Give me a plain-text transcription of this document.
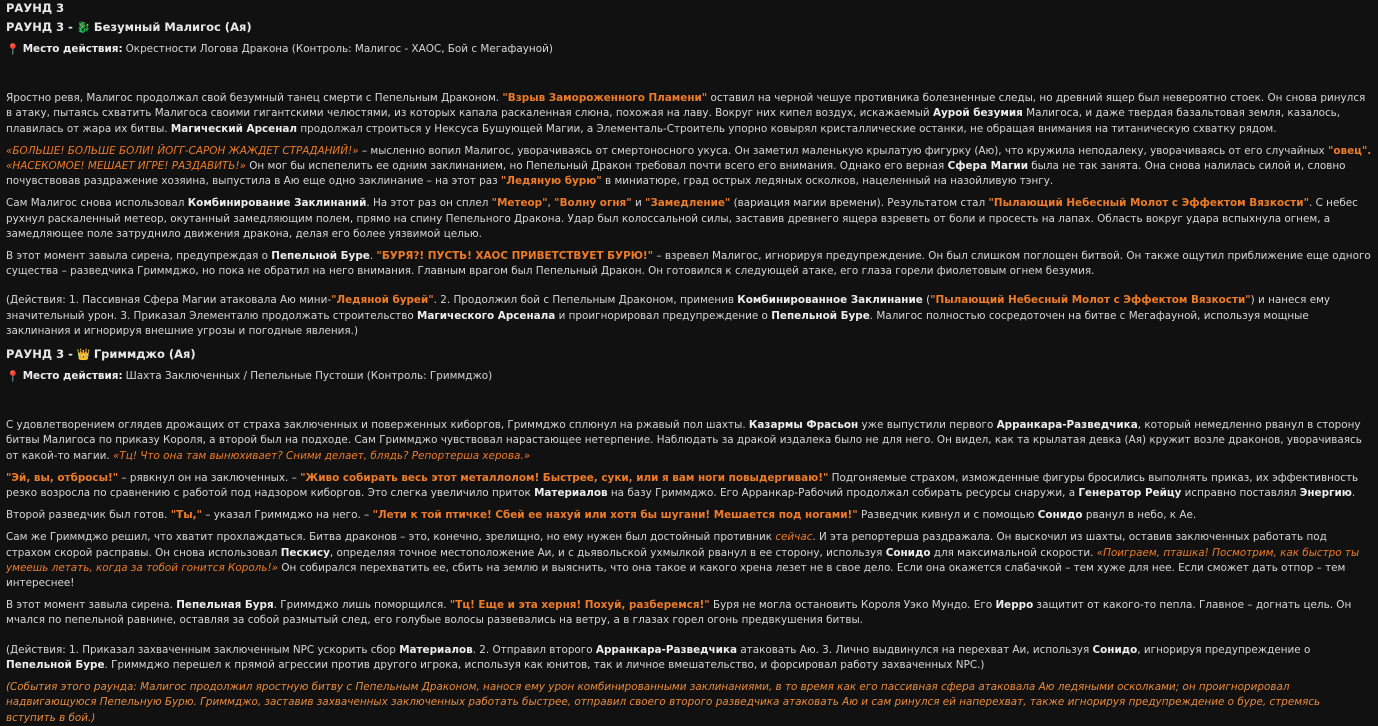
РАУНД 3
РАУНД 3 - 🐉 Безумный Малигос (Ая)

📍 Место действия: Окрестности Логова Дракона (Контроль: Малигос - ХАОС, Бой с Мегафауной)

Яростно ревя, Малигос продолжал свой безумный танец смерти с Пепельным Драконом. "Взрыв Замороженного Пламени" оставил на черной чешуе противника болезненные следы, но древний ящер был невероятно стоек. Он снова ринулся в атаку, пытаясь схватить Малигоса своими гигантскими челюстями, из которых капала раскаленная слюна, похожая на лаву. Вокруг них кипел воздух, искажаемый Аурой безумия Малигоса, и даже твердая базальтовая земля, казалось, плавилась от жара их битвы. Магический Арсенал продолжал строиться у Нексуса Бушующей Магии, а Элементаль-Строитель упорно ковырял кристаллические останки, не обращая внимания на титаническую схватку рядом.

«БОЛЬШЕ! БОЛЬШЕ БОЛИ! ЙОГГ-САРОН ЖАЖДЕТ СТРАДАНИЙ!» – мысленно вопил Малигос, уворачиваясь от смертоносного укуса. Он заметил маленькую крылатую фигурку (Аю), что кружила неподалеку, уворачиваясь от его случайных "овец". «НАСЕКОМОЕ! МЕШАЕТ ИГРЕ! РАЗДАВИТЬ!» Он мог бы испепелить ее одним заклинанием, но Пепельный Дракон требовал почти всего его внимания. Однако его верная Сфера Магии была не так занята. Она снова налилась силой и, словно почувствовав раздражение хозяина, выпустила в Аю еще одно заклинание – на этот раз "Ледяную бурю" в миниатюре, град острых ледяных осколков, нацеленный на назойливую тэнгу.

Сам Малигос снова использовал Комбинирование Заклинаний. На этот раз он сплел "Метеор", "Волну огня" и "Замедление" (вариация магии времени). Результатом стал "Пылающий Небесный Молот с Эффектом Вязкости". С небес рухнул раскаленный метеор, окутанный замедляющим полем, прямо на спину Пепельного Дракона. Удар был колоссальной силы, заставив древнего ящера взреветь от боли и просесть на лапах. Область вокруг удара вспыхнула огнем, а замедляющее поле затруднило движения дракона, делая его более уязвимой целью.

В этот момент завыла сирена, предупреждая о Пепельной Буре. "БУРЯ?! ПУСТЬ! ХАОС ПРИВЕТСТВУЕТ БУРЮ!" – взревел Малигос, игнорируя предупреждение. Он был слишком поглощен битвой. Он также ощутил приближение еще одного существа – разведчика Гриммджо, но пока не обратил на него внимания. Главным врагом был Пепельный Дракон. Он готовился к следующей атаке, его глаза горели фиолетовым огнем безумия.

(Действия: 1. Пассивная Сфера Магии атаковала Аю мини-"Ледяной бурей". 2. Продолжил бой с Пепельным Драконом, применив Комбинированное Заклинание ("Пылающий Небесный Молот с Эффектом Вязкости") и нанеся ему значительный урон. 3. Приказал Элементалю продолжать строительство Магического Арсенала и проигнорировал предупреждение о Пепельной Буре. Малигос полностью сосредоточен на битве с Мегафауной, используя мощные заклинания и игнорируя внешние угрозы и погодные явления.)

РАУНД 3 - 👑 Гриммджо (Ая)

📍 Место действия: Шахта Заключенных / Пепельные Пустоши (Контроль: Гриммджо)

С удовлетворением оглядев дрожащих от страха заключенных и поверженных киборгов, Гриммджо сплюнул на ржавый пол шахты. Казармы Фрасьон уже выпустили первого Арранкара-Разведчика, который немедленно рванул в сторону битвы Малигоса по приказу Короля, а второй был на подходе. Сам Гриммджо чувствовал нарастающее нетерпение. Наблюдать за дракой издалека было не для него. Он видел, как та крылатая девка (Ая) кружит возле драконов, уворачиваясь от какой-то магии. «Тц! Что она там вынюхивает? Сними делает, блядь? Репортерша херова.»

"Эй, вы, отбросы!" – рявкнул он на заключенных. – "Живо собирать весь этот металлолом! Быстрее, суки, или я вам ноги повыдергиваю!" Подгоняемые страхом, изможденные фигуры бросились выполнять приказ, их эффективность резко возросла по сравнению с работой под надзором киборгов. Это слегка увеличило приток Материалов на базу Гриммджо. Его Арранкар-Рабочий продолжал собирать ресурсы снаружи, а Генератор Рейцу исправно поставлял Энергию.

Второй разведчик был готов. "Ты," – указал Гриммджо на него. – "Лети к той птичке! Сбей ее нахуй или хотя бы шугани! Мешается под ногами!" Разведчик кивнул и с помощью Сонидо рванул в небо, к Ае.

Сам же Гриммджо решил, что хватит прохлаждаться. Битва драконов – это, конечно, зрелищно, но ему нужен был достойный противник сейчас. И эта репортерша раздражала. Он выскочил из шахты, оставив заключенных работать под страхом скорой расправы. Он снова использовал Пескису, определяя точное местоположение Аи, и с дьявольской ухмылкой рванул в ее сторону, используя Сонидо для максимальной скорости. «Поиграем, пташка! Посмотрим, как быстро ты умеешь летать, когда за тобой гонится Король!» Он собирался перехватить ее, сбить на землю и выяснить, что она такое и какого хрена лезет не в свое дело. Если она окажется слабачкой – тем хуже для нее. Если сможет дать отпор – тем интереснее!

В этот момент завыла сирена. Пепельная Буря. Гриммджо лишь поморщился. "Тц! Еще и эта херня! Похуй, разберемся!" Буря не могла остановить Короля Уэко Мундо. Его Иерро защитит от какого-то пепла. Главное – догнать цель. Он мчался по пепельной равнине, оставляя за собой размытый след, его голубые волосы развевались на ветру, а в глазах горел огонь предвкушения битвы.

(Действия: 1. Приказал захваченным заключенным NPC ускорить сбор Материалов. 2. Отправил второго Арранкара-Разведчика атаковать Аю. 3. Лично выдвинулся на перехват Аи, используя Сонидо, игнорируя предупреждение о Пепельной Буре. Гриммджо перешел к прямой агрессии против другого игрока, используя как юнитов, так и личное вмешательство, и форсировал работу захваченных NPC.)

(События этого раунда: Малигос продолжил яростную битву с Пепельным Драконом, нанося ему урон комбинированными заклинаниями, в то время как его пассивная сфера атаковала Аю ледяными осколками; он проигнорировал надвигающуюся Пепельную Бурю. Гриммджо, заставив захваченных заключенных работать быстрее, отправил своего второго разведчика атаковать Аю и сам ринулся ей наперехват, также игнорируя предупреждение о буре, стремясь вступить в бой.)
